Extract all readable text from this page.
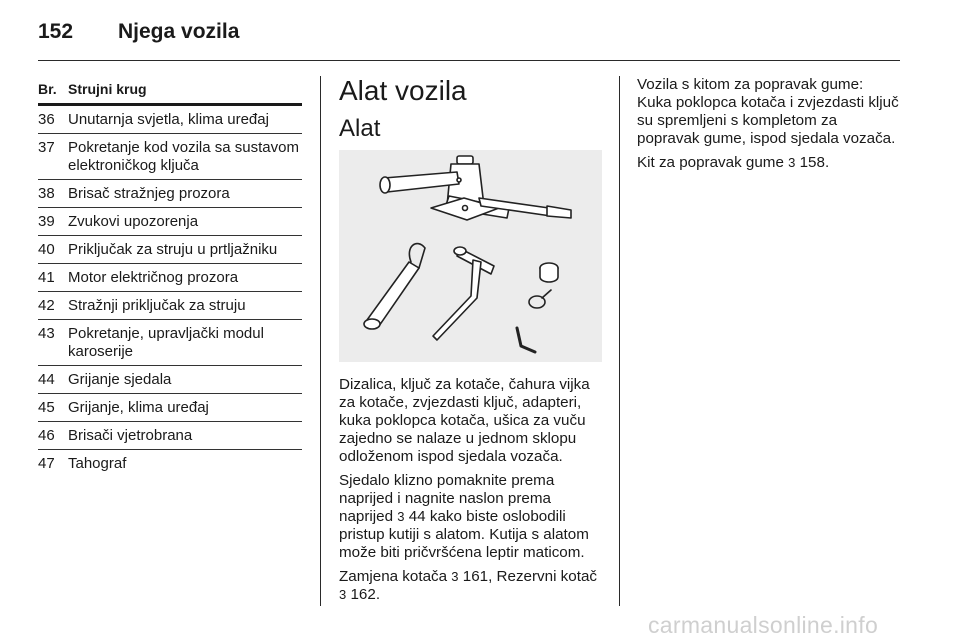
152	Njega vozila
Br. Strujni krug
36 Unutarnja svjetla, klima uređaj
37 Pokretanje kod vozila sa sustavom elektroničkog ključa
38 Brisač stražnjeg prozora
39 Zvukovi upozorenja
40 Priključak za struju u prtljažniku
41 Motor električnog prozora
42 Stražnji priključak za struju
43 Pokretanje, upravljački modul karoserije
44 Grijanje sjedala
45 Grijanje, klima uređaj
46 Brisači vjetrobrana
47 Tahograf
Alat vozila
Alat

Dizalica, ključ za kotače, čahura vijka za kotače, zvjezdasti ključ, adapteri, kuka poklopca kotača, ušica za vuču zajedno se nalaze u jednom sklopu odloženom ispod sjedala vozača.

Sjedalo klizno pomaknite prema naprijed i nagnite naslon prema naprijed 3 44 kako biste oslobodili pristup kutiji s alatom. Kutija s alatom može biti pričvršćena leptir maticom.

Zamjena kotača 3 161, Rezervni kotač 3 162.

Vozila s kitom za popravak gume: Kuka poklopca kotača i zvjezdasti ključ su spremljeni s kompletom za popravak gume, ispod sjedala vozača.

Kit za popravak gume 3 158.

carmanualsonline.info
